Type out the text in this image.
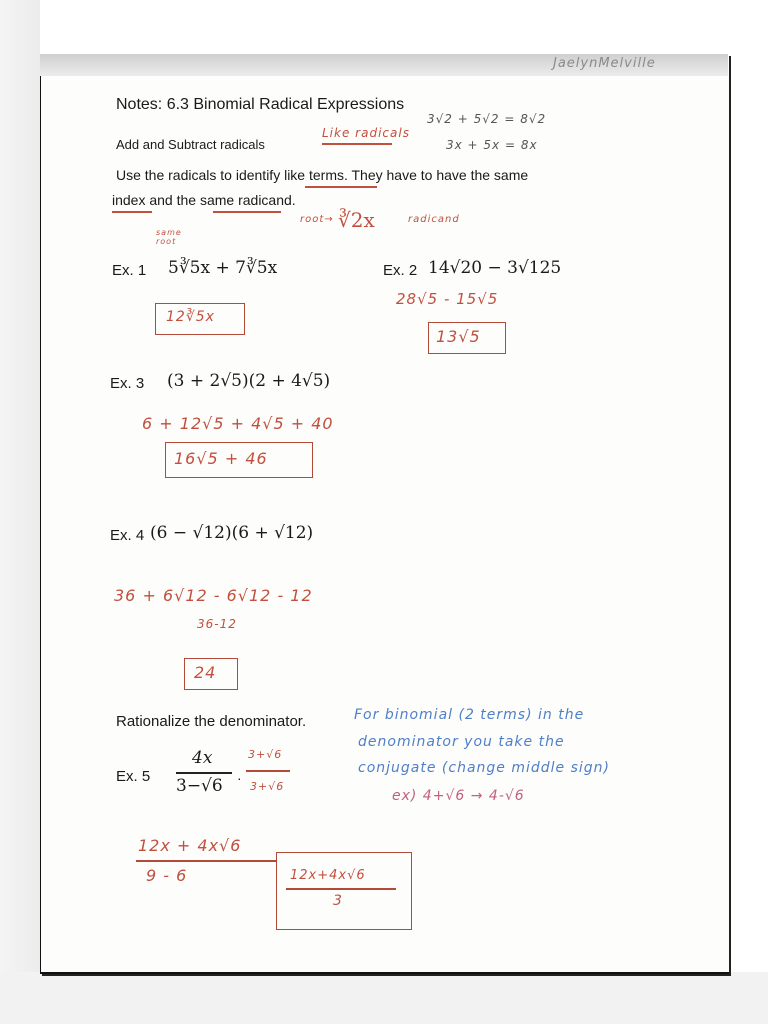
JaelynMelville
Notes: 6.3 Binomial Radical Expressions
Add and Subtract radicals
Like radicals
3√2 + 5√2 = 8√2
3x + 5x = 8x
Use the radicals to identify like terms. They have to have the same
index and the same radicand.
root→ ∛2x	radicand
same root
Ex. 1 5∛5x + 7∛5x
12∛5x
Ex. 2 14√20 − 3√125
28√5 - 15√5
13√5
Ex. 3 (3 + 2√5)(2 + 4√5)
6 + 12√5 + 4√5 + 40
16√5 + 46
Ex. 4 (6 − √12)(6 + √12)
36 + 6√12 - 6√12 - 12
36-12
24
Rationalize the denominator.	For binomial (2 terms) in the
denominator you take the
conjugate (change middle sign)
ex) 4+√6 → 4-√6
Ex. 5
4x
3−√6 ·
3+√6
3+√6
12x + 4x√6
9 - 6	12x+4x√6
3
